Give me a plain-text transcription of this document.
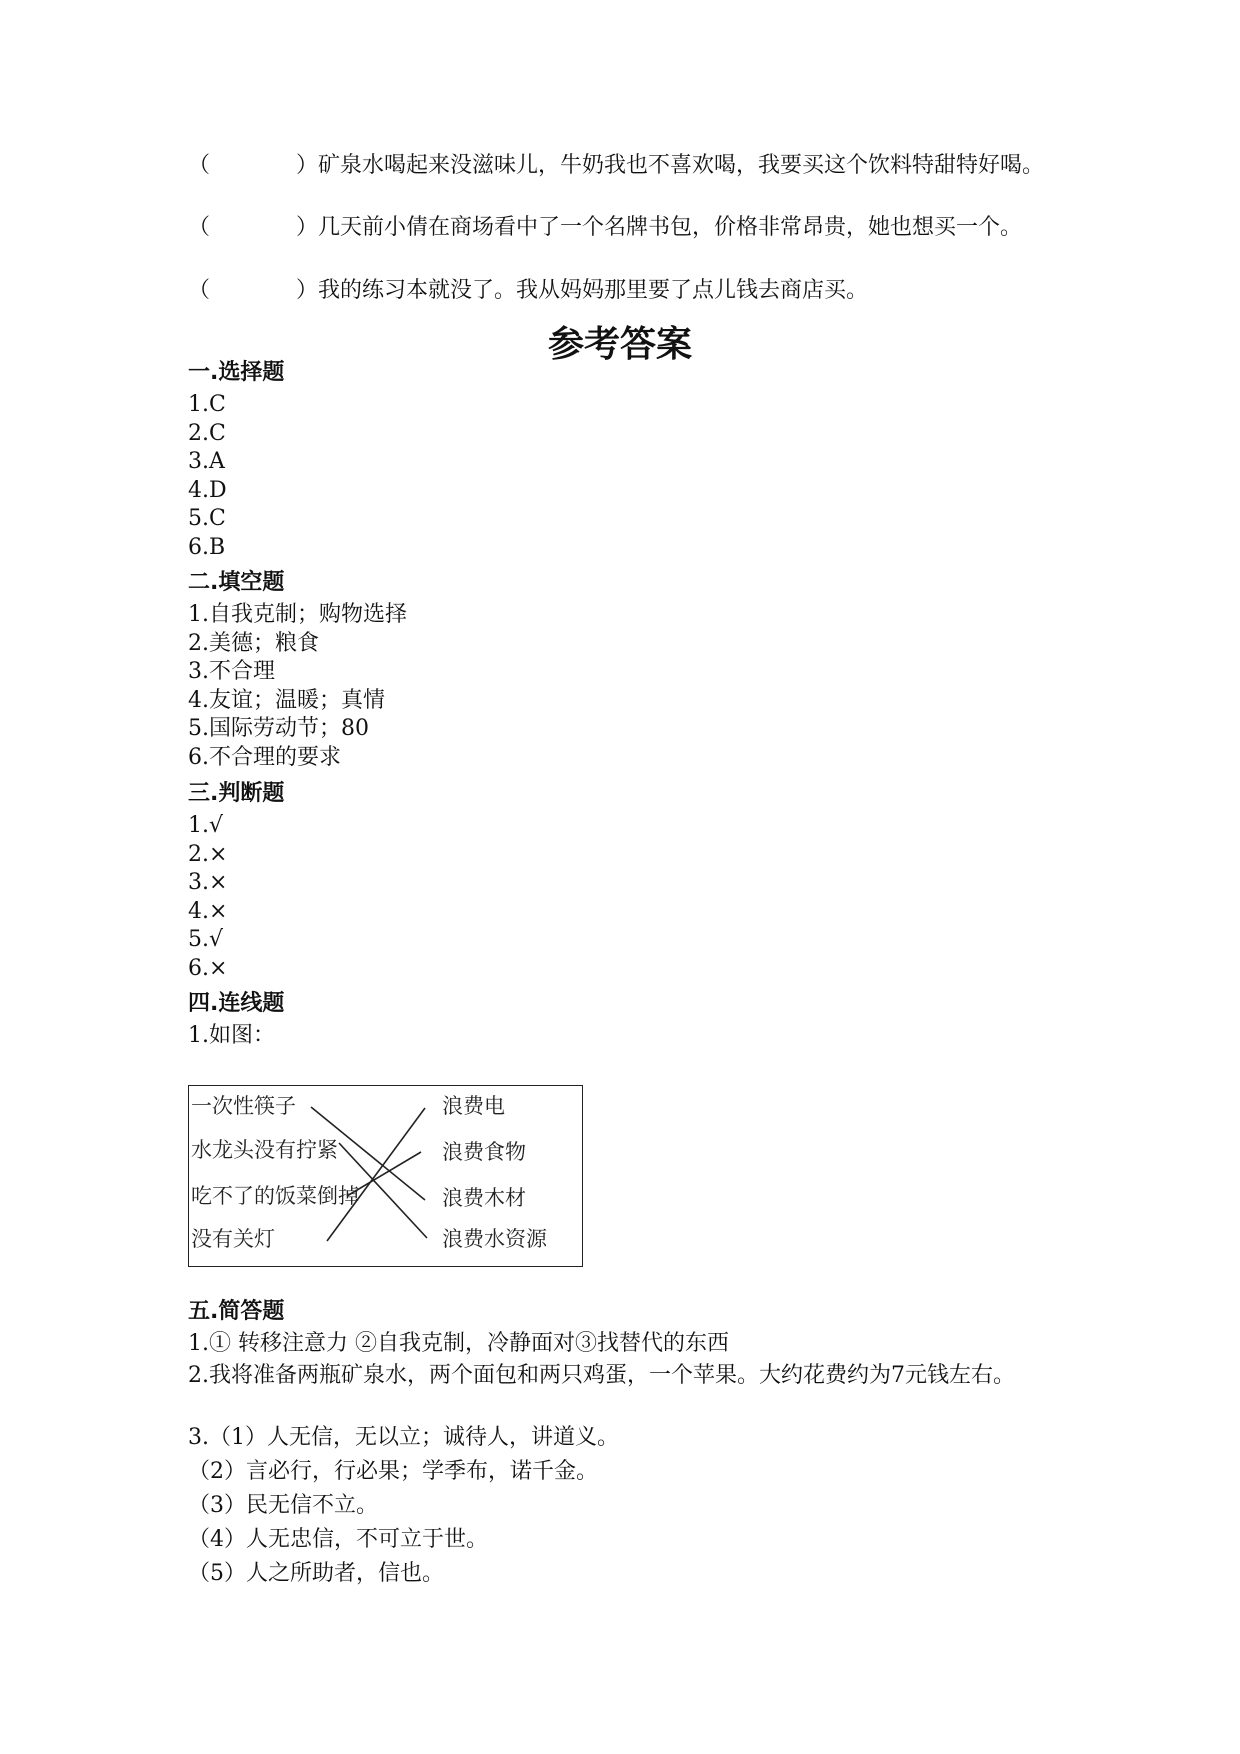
（	）矿泉水喝起来没滋味儿，牛奶我也不喜欢喝，我要买这个饮料特甜特好喝。
（	）几天前小倩在商场看中了一个名牌书包，价格非常昂贵，她也想买一个。
（	）我的练习本就没了。我从妈妈那里要了点儿钱去商店买。
参考答案
一.选择题
1.C
2.C
3.A
4.D
5.C
6.B
二.填空题
1.自我克制；购物选择
2.美德；粮食
3.不合理
4.友谊；温暖；真情
5.国际劳动节；80
6.不合理的要求
三.判断题
1.√
2.×
3.×
4.×
5.√
6.×
四.连线题
1.如图：
一次性筷子
水龙头没有拧紧
吃不了的饭菜倒掉
没有关灯
浪费电
浪费食物
浪费木材
浪费水资源
五.简答题
1.① 转移注意力 ②自我克制，冷静面对③找替代的东西
2.我将准备两瓶矿泉水，两个面包和两只鸡蛋，一个苹果。大约花费约为7元钱左右。
3.（1）人无信，无以立；诚待人，讲道义。
（2）言必行，行必果；学季布，诺千金。
（3）民无信不立。
（4）人无忠信，不可立于世。
（5）人之所助者，信也。
